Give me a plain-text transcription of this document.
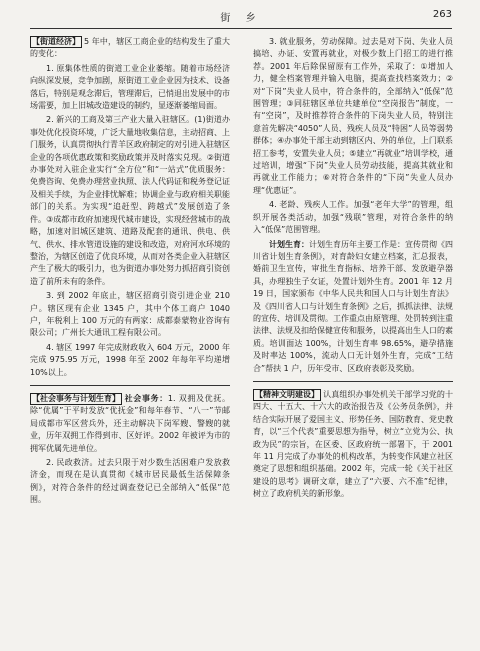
街 乡	263

【街道经济】 5 年中，辖区工商企业的结构发生了重大的变化：

1. 原集体性质的街道工业企业萎缩。随着市场经济向纵深发展，竞争加剧，原街道工业企业因为技术、设备落后，特别是观念滞后，管理滞后，已悄退出发展中的市场需要，加上旧城改造建设的制约，显逐渐萎缩局面。

2. 新兴的工商及第三产业大量入驻辖区。(1)街道办事处优化投资环境，广泛大量地收集信息，主动招商、上门服务，认真贯彻执行青羊区政府制定的对引进入驻辖区企业的各项优惠政策和奖励政策并及时落实兑现。②街道办事处对入驻企业实行“全方位”和“一站式”优质服务：免费咨询、免费办理营业执照、法人代码证和税务登记证及相关手续，为企业排忧解难；协调企业与政府相关职能部门的关系。为实现“追赶型、跨越式”发展创造了条件。③成都市政府加速现代城市建设，实现经营城市的战略，加速对旧城区建筑、道路及配套的通讯、供电、供气、供水、排水管道设施的建设和改造，对府河水环境的整治，为辖区创造了优良环境，从而对各类企业入驻辖区产生了极大的吸引力，也为街道办事处努力抓招商引资创造了前所未有的条件。

3. 到 2002 年底止，辖区招商引资引进企业 210 户。辖区现有企业 1345 户，其中个体工商户 1040 户，年税利上 100 万元的有两家：成都泰蒙物业咨询有限公司；广州长大通讯工程有限公司。

4. 辖区 1997 年完成财政收入 604 万元，2000 年完成 975.95 万元，1998 年至 2002 年每年平均递增 10%以上。

【社会事务与计划生育】 社会事务：1. 双拥及优抚。除“优属”于平时发放“优抚金”和每年春节、“八一”节邮局成都市军区营兵外，还主动解决下岗军嫂、警嫂的就业，历年双拥工作得到市、区好评。2002 年被评为市的拥军优属先进单位。

2. 民政救济。过去只限于对少数生活困难户发放救济金，而现在是认真贯彻《城市居民最低生活保障条例》，对符合条件的经过调查登记已全部纳入“低保”范围。

3. 就业服务，劳动保障。过去是对下岗、失业人员搞培、办证、安置再就业，对极少数上门招工的进行推荐。2001 年后除保留原有工作外，采取了：①增加人力，健全档案管理并输入电脑，提高查找档案效力；②对“下岗”失业人员中，符合条件的，全部纳入“低保”范围管理；③同驻辖区单位共建单位“空岗报告”制度，一有“空岗”，及时推荐符合条件的下岗失业人员，特别注意首先解决“4050”人员、残疾人员及“特困”人员等弱势群体；④办事处干部主动到辖区内、外的单位，上门联系招工参考，安置失业人员；⑤建立“再就业”培训学校，通过培训，增强“下岗”失业人员劳动技能，提高其就业和再就业工作能力；⑥对符合条件的“下岗”失业人员办理“优惠证”。

4. 老龄、残疾人工作。加强“老年大学”的管理，组织开展各类活动，加强“残联”管理，对符合条件的纳入“低保”范围管理。

计划生育：计划生育历年主要工作是：宣传贯彻《四川省计划生育条例》，对育龄妇女建立档案，汇总报表，婚前卫生宣传，审批生育指标、培养干部、发放避孕器具，办理独生子女证，处置计划外生育。2001 年 12 月 19 日，国家颁布《中华人民共和国人口与计划生育法》及《四川省人口与计划生育条例》之后，抓抓法律、法规的宣传、培训及贯彻。工作重点由原管理、处罚转到注重法律、法规及扣给保健宣传和服务，以提高出生人口的素质。培训面达 100%，计划生育率 98.65%，避孕措施及时率达 100%，流动人口无计划外生育，完成“工结合”帮扶 1 户，历年受市、区政府表彰及奖励。

【精神文明建设】 认真组织办事处机关干部学习党的十四大、十五大、十六大的政治报告及《公务员条例》，并结合实际开展了爱国主义、形势任务、国防教育、党史教育，以“三个代表”重要思想为指导，树立“立党为公、执政为民”的宗旨，在区委、区政府统一部署下，于 2001 年 11 月完成了办事处的机构改革，为转变作风建立社区奠定了思想和组织基础。2002 年，完成一轮《关于社区建设的思考》调研文章，建立了“六要、六不准”纪律，树立了政府机关的新形象。
